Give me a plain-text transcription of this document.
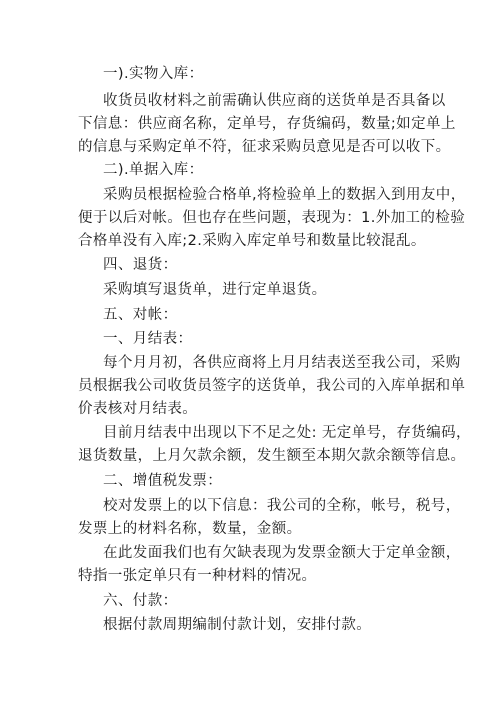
一).实物入库：
收货员收材料之前需确认供应商的送货单是否具备以
下信息：供应商名称，定单号，存货编码，数量;如定单上
的信息与采购定单不符，征求采购员意见是否可以收下。
二).单据入库：
采购员根据检验合格单,将检验单上的数据入到用友中，
便于以后对帐。但也存在些问题，表现为：1.外加工的检验
合格单没有入库;2.采购入库定单号和数量比较混乱。
四、退货：
采购填写退货单，进行定单退货。
五、对帐：
一、月结表：
每个月月初，各供应商将上月月结表送至我公司，采购
员根据我公司收货员签字的送货单，我公司的入库单据和单
价表核对月结表。
目前月结表中出现以下不足之处: 无定单号，存货编码，
退货数量，上月欠款余额，发生额至本期欠款余额等信息。
二、增值税发票：
校对发票上的以下信息：我公司的全称，帐号，税号，
发票上的材料名称，数量，金额。
在此发面我们也有欠缺表现为发票金额大于定单金额，
特指一张定单只有一种材料的情况。
六、付款：
根据付款周期编制付款计划，安排付款。
